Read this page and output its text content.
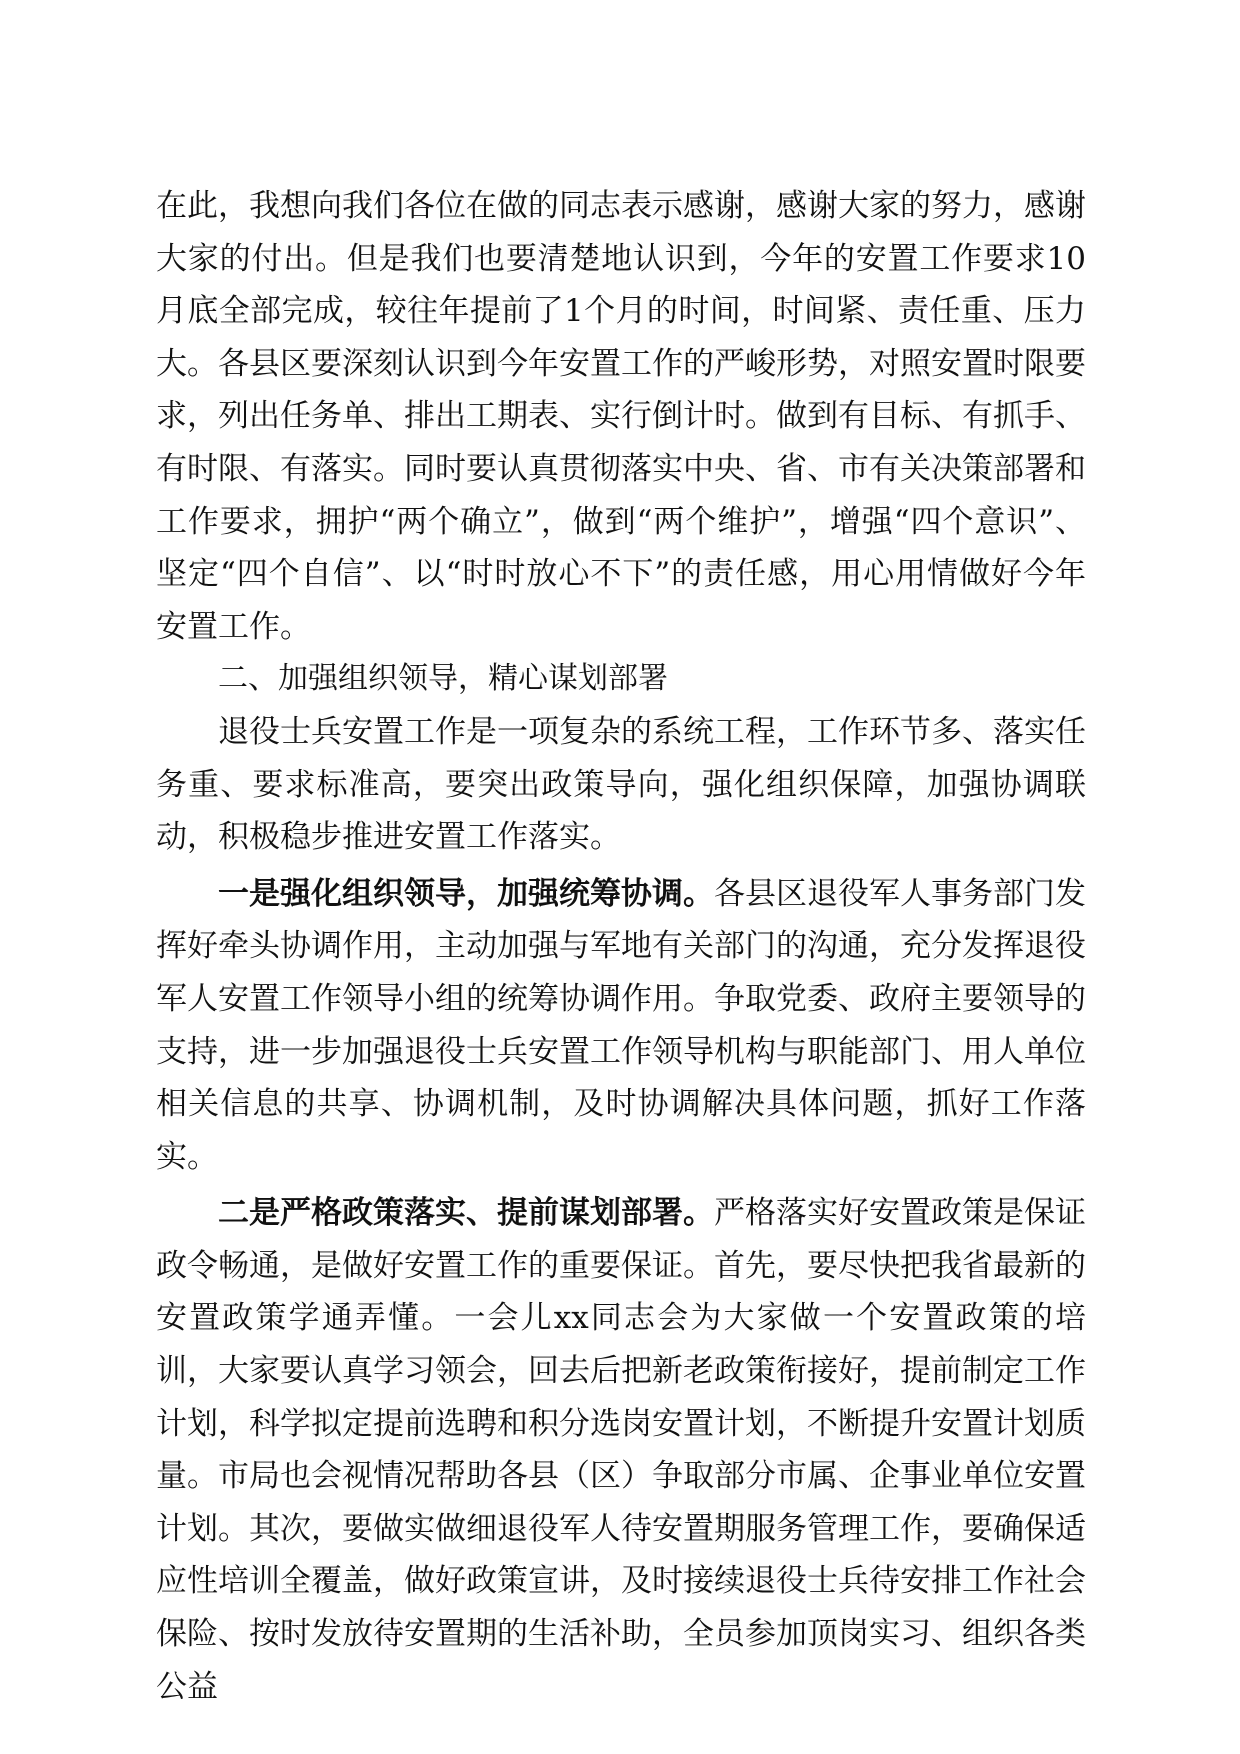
在此，我想向我们各位在做的同志表示感谢，感谢大家的努力，感谢大家的付出。但是我们也要清楚地认识到，今年的安置工作要求10月底全部完成，较往年提前了1个月的时间，时间紧、责任重、压力大。各县区要深刻认识到今年安置工作的严峻形势，对照安置时限要求，列出任务单、排出工期表、实行倒计时。做到有目标、有抓手、有时限、有落实。同时要认真贯彻落实中央、省、市有关决策部署和工作要求，拥护“两个确立”，做到“两个维护”，增强“四个意识”、坚定“四个自信”、以“时时放心不下”的责任感，用心用情做好今年安置工作。

二、加强组织领导，精心谋划部署

退役士兵安置工作是一项复杂的系统工程，工作环节多、落实任务重、要求标准高，要突出政策导向，强化组织保障，加强协调联动，积极稳步推进安置工作落实。

一是强化组织领导，加强统筹协调。各县区退役军人事务部门发挥好牵头协调作用，主动加强与军地有关部门的沟通，充分发挥退役军人安置工作领导小组的统筹协调作用。争取党委、政府主要领导的支持，进一步加强退役士兵安置工作领导机构与职能部门、用人单位相关信息的共享、协调机制，及时协调解决具体问题，抓好工作落实。

二是严格政策落实、提前谋划部署。严格落实好安置政策是保证政令畅通，是做好安置工作的重要保证。首先，要尽快把我省最新的安置政策学通弄懂。一会儿xx同志会为大家做一个安置政策的培训，大家要认真学习领会，回去后把新老政策衔接好，提前制定工作计划，科学拟定提前选聘和积分选岗安置计划，不断提升安置计划质量。市局也会视情况帮助各县（区）争取部分市属、企事业单位安置计划。其次，要做实做细退役军人待安置期服务管理工作，要确保适应性培训全覆盖，做好政策宣讲，及时接续退役士兵待安排工作社会保险、按时发放待安置期的生活补助，全员参加顶岗实习、组织各类公益
